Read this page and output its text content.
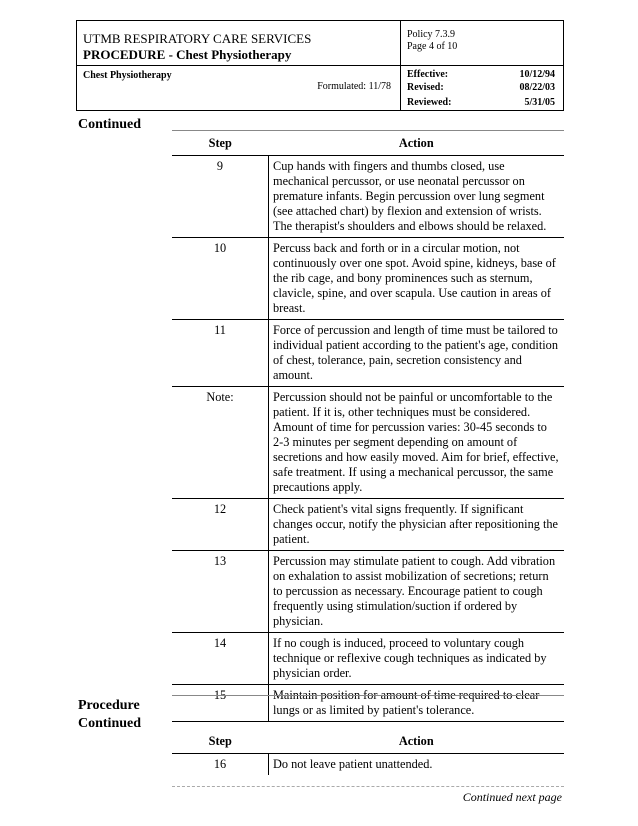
UTMB RESPIRATORY CARE SERVICES
PROCEDURE - Chest Physiotherapy
Policy 7.3.9
Page 4 of 10
Chest Physiotherapy
Formulated: 11/78
Effective:	10/12/94
Revised:	08/22/03
Reviewed:	5/31/05
Continued
Step	Action
9	Cup hands with fingers and thumbs closed, use mechanical percussor, or use neonatal percussor on premature infants. Begin percussion over lung segment (see attached chart) by flexion and extension of wrists. The therapist's shoulders and elbows should be relaxed.
10	Percuss back and forth or in a circular motion, not continuously over one spot. Avoid spine, kidneys, base of the rib cage, and bony prominences such as sternum, clavicle, spine, and over scapula. Use caution in areas of breast.
11	Force of percussion and length of time must be tailored to individual patient according to the patient's age, condition of chest, tolerance, pain, secretion consistency and amount.
Note:	Percussion should not be painful or uncomfortable to the patient. If it is, other techniques must be considered. Amount of time for percussion varies: 30-45 seconds to 2-3 minutes per segment depending on amount of secretions and how easily moved. Aim for brief, effective, safe treatment. If using a mechanical percussor, the same precautions apply.
12	Check patient's vital signs frequently. If significant changes occur, notify the physician after repositioning the patient.
13	Percussion may stimulate patient to cough. Add vibration on exhalation to assist mobilization of secretions; return to percussion as necessary. Encourage patient to cough frequently using stimulation/suction if ordered by physician.
14	If no cough is induced, proceed to voluntary cough technique or reflexive cough techniques as indicated by physician order.
15	Maintain position for amount of time required to clear lungs or as limited by patient's tolerance.
Procedure
Continued
Step	Action
16	Do not leave patient unattended.
Continued next page
